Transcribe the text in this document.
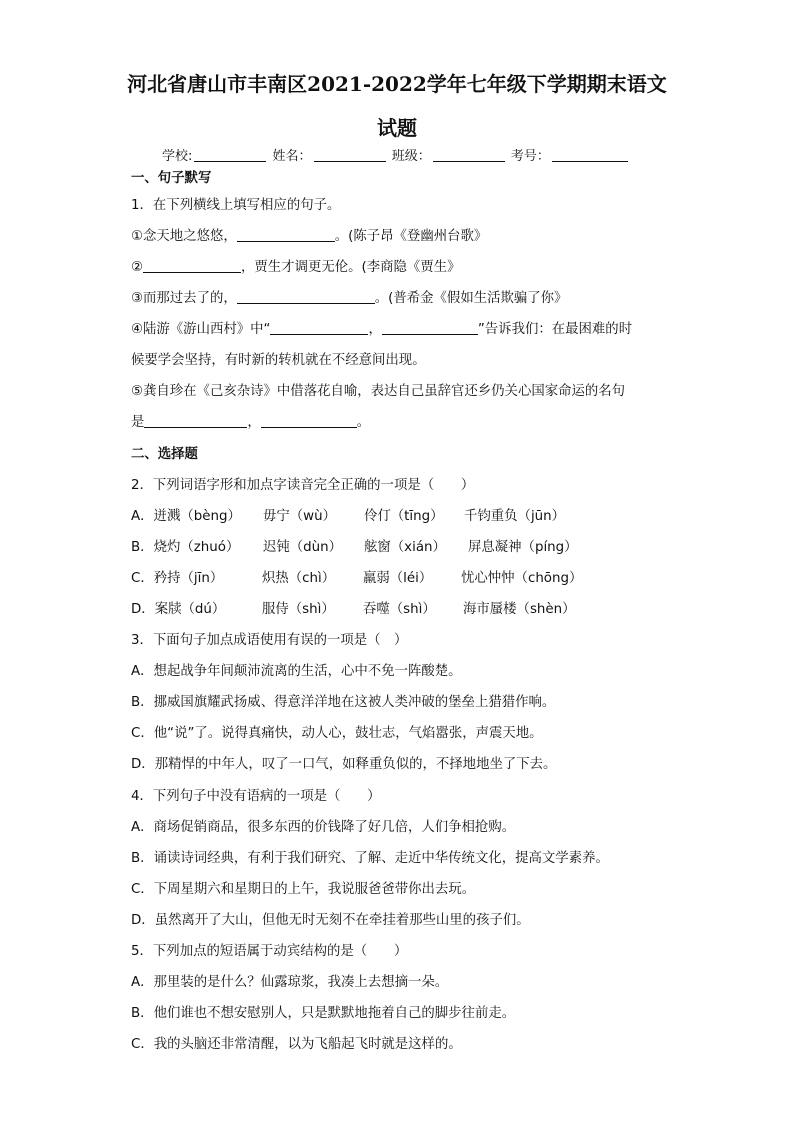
河北省唐山市丰南区2021-2022学年七年级下学期期末语文
试题
学校:	姓名：	班级：	考号：
一、句子默写
1．在下列横线上填写相应的句子。
①念天地之悠悠，	。(陈子昂《登幽州台歌》
②	，贾生才调更无伦。(李商隐《贾生》
③而那过去了的，	。(普希金《假如生活欺骗了你》
④陆游《游山西村》中“	，	”告诉我们：在最困难的时
候要学会坚持，有时新的转机就在不经意间出现。
⑤龚自珍在《己亥杂诗》中借落花自喻，表达自己虽辞官还乡仍关心国家命运的名句
是	，	。
二、选择题
2．下列词语字形和加点字读音完全正确的一项是（　　）
A．迸溅（bèng） 毋宁（wù） 伶仃（tīng） 千钧重负（jūn）
B．烧灼（zhuó） 迟钝（dùn） 舷窗（xián） 屏息凝神（píng）
C．矜持（jīn）	炽热（chì） 羸弱（léi） 忧心忡忡（chōng）
D．案牍（dú）	服侍（shì） 吞噬（shì） 海市蜃楼（shèn）
3．下面句子加点成语使用有误的一项是（　）
A．想起战争年间颠沛流离的生活，心中不免一阵酸楚。
B．挪威国旗耀武扬威、得意洋洋地在这被人类冲破的堡垒上猎猎作响。
C．他“说”了。说得真痛快，动人心，鼓壮志，气焰嚣张，声震天地。
D．那精悍的中年人，叹了一口气，如释重负似的，不择地地坐了下去。
4．下列句子中没有语病的一项是（　　）
A．商场促销商品，很多东西的价钱降了好几倍，人们争相抢购。
B．诵读诗词经典，有利于我们研究、了解、走近中华传统文化，提高文学素养。
C．下周星期六和星期日的上午，我说服爸爸带你出去玩。
D．虽然离开了大山，但他无时无刻不在牵挂着那些山里的孩子们。
5．下列加点的短语属于动宾结构的是（　　）
A．那里装的是什么？仙露琼浆，我凑上去想摘一朵。
B．他们谁也不想安慰别人，只是默默地拖着自己的脚步往前走。
C．我的头脑还非常清醒，以为飞船起飞时就是这样的。
